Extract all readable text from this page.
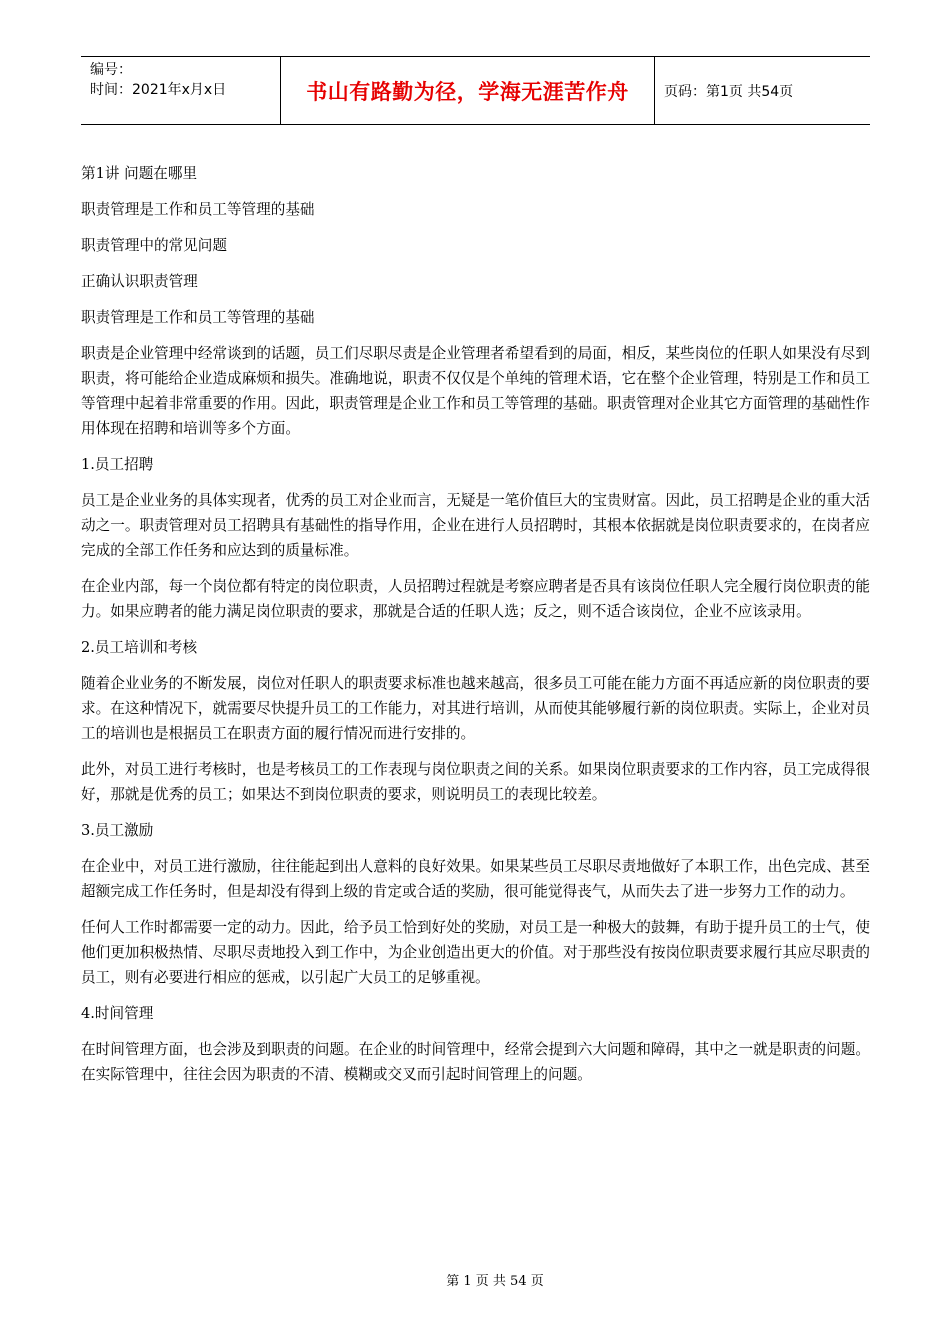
编号：
时间：2021年x月x日	书山有路勤为径，学海无涯苦作舟	页码：第1页 共54页

第1讲 问题在哪里

职责管理是工作和员工等管理的基础

职责管理中的常见问题

正确认识职责管理

职责管理是工作和员工等管理的基础

职责是企业管理中经常谈到的话题，员工们尽职尽责是企业管理者希望看到的局面，相反，某些岗位的任职人如果没有尽到职责，将可能给企业造成麻烦和损失。准确地说，职责不仅仅是个单纯的管理术语，它在整个企业管理，特别是工作和员工等管理中起着非常重要的作用。因此，职责管理是企业工作和员工等管理的基础。职责管理对企业其它方面管理的基础性作用体现在招聘和培训等多个方面。

1.员工招聘

员工是企业业务的具体实现者，优秀的员工对企业而言，无疑是一笔价值巨大的宝贵财富。因此，员工招聘是企业的重大活动之一。职责管理对员工招聘具有基础性的指导作用，企业在进行人员招聘时，其根本依据就是岗位职责要求的，在岗者应完成的全部工作任务和应达到的质量标准。

在企业内部，每一个岗位都有特定的岗位职责，人员招聘过程就是考察应聘者是否具有该岗位任职人完全履行岗位职责的能力。如果应聘者的能力满足岗位职责的要求，那就是合适的任职人选；反之，则不适合该岗位，企业不应该录用。

2.员工培训和考核

随着企业业务的不断发展，岗位对任职人的职责要求标准也越来越高，很多员工可能在能力方面不再适应新的岗位职责的要求。在这种情况下，就需要尽快提升员工的工作能力，对其进行培训，从而使其能够履行新的岗位职责。实际上，企业对员工的培训也是根据员工在职责方面的履行情况而进行安排的。

此外，对员工进行考核时，也是考核员工的工作表现与岗位职责之间的关系。如果岗位职责要求的工作内容，员工完成得很好，那就是优秀的员工；如果达不到岗位职责的要求，则说明员工的表现比较差。

3.员工激励

在企业中，对员工进行激励，往往能起到出人意料的良好效果。如果某些员工尽职尽责地做好了本职工作，出色完成、甚至超额完成工作任务时，但是却没有得到上级的肯定或合适的奖励，很可能觉得丧气，从而失去了进一步努力工作的动力。

任何人工作时都需要一定的动力。因此，给予员工恰到好处的奖励，对员工是一种极大的鼓舞，有助于提升员工的士气，使他们更加积极热情、尽职尽责地投入到工作中，为企业创造出更大的价值。对于那些没有按岗位职责要求履行其应尽职责的员工，则有必要进行相应的惩戒，以引起广大员工的足够重视。

4.时间管理

在时间管理方面，也会涉及到职责的问题。在企业的时间管理中，经常会提到六大问题和障碍，其中之一就是职责的问题。在实际管理中，往往会因为职责的不清、模糊或交叉而引起时间管理上的问题。

第 1 页 共 54 页
